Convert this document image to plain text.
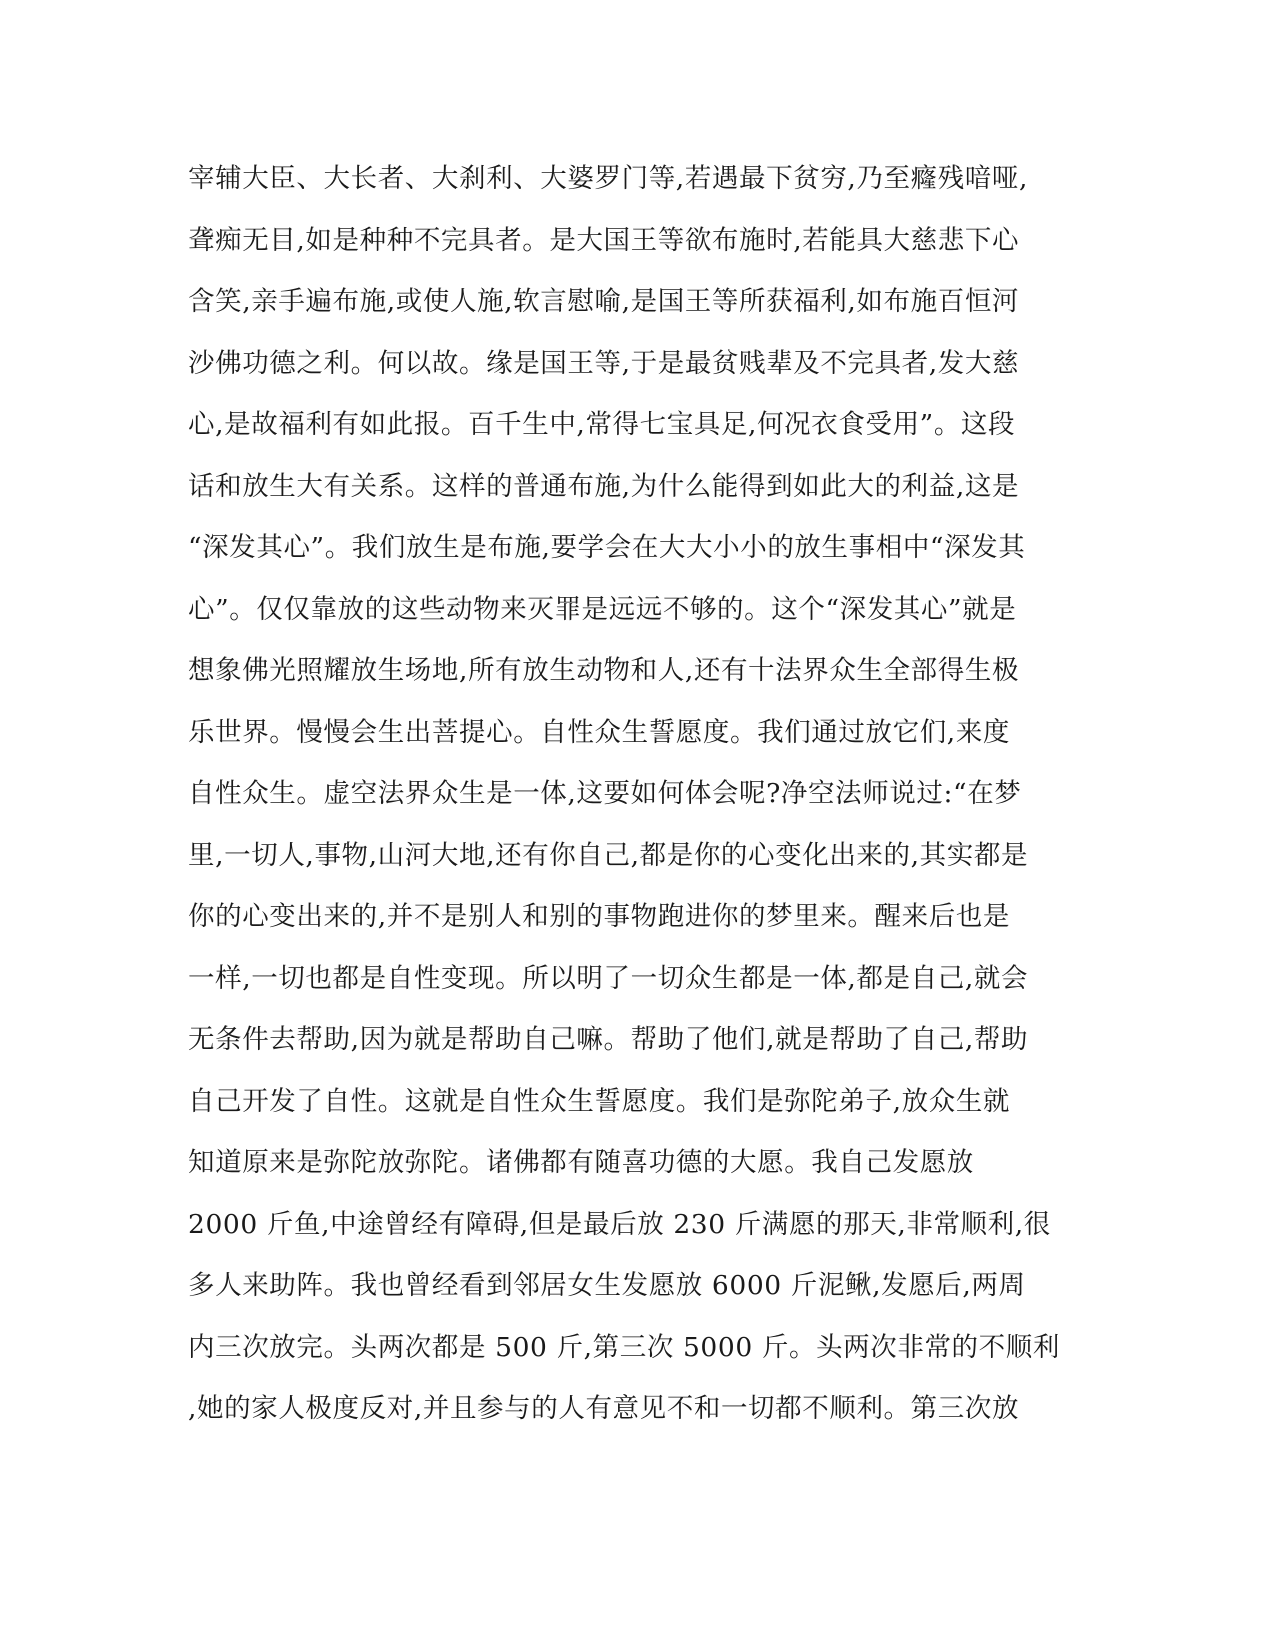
宰辅大臣、大长者、大刹利、大婆罗门等,若遇最下贫穷,乃至癃残喑哑,
聋痴无目,如是种种不完具者。是大国王等欲布施时,若能具大慈悲下心
含笑,亲手遍布施,或使人施,软言慰喻,是国王等所获福利,如布施百恒河
沙佛功德之利。何以故。缘是国王等,于是最贫贱辈及不完具者,发大慈
心,是故福利有如此报。百千生中,常得七宝具足,何况衣食受用”。这段
话和放生大有关系。这样的普通布施,为什么能得到如此大的利益,这是
“深发其心”。我们放生是布施,要学会在大大小小的放生事相中“深发其
心”。仅仅靠放的这些动物来灭罪是远远不够的。这个“深发其心”就是
想象佛光照耀放生场地,所有放生动物和人,还有十法界众生全部得生极
乐世界。慢慢会生出菩提心。自性众生誓愿度。我们通过放它们,来度
自性众生。虚空法界众生是一体,这要如何体会呢?净空法师说过:“在梦
里,一切人,事物,山河大地,还有你自己,都是你的心变化出来的,其实都是
你的心变出来的,并不是别人和别的事物跑进你的梦里来。醒来后也是
一样,一切也都是自性变现。所以明了一切众生都是一体,都是自己,就会
无条件去帮助,因为就是帮助自己嘛。帮助了他们,就是帮助了自己,帮助
自己开发了自性。这就是自性众生誓愿度。我们是弥陀弟子,放众生就
知道原来是弥陀放弥陀。诸佛都有随喜功德的大愿。我自己发愿放
2000 斤鱼,中途曾经有障碍,但是最后放 230 斤满愿的那天,非常顺利,很
多人来助阵。我也曾经看到邻居女生发愿放 6000 斤泥鳅,发愿后,两周
内三次放完。头两次都是 500 斤,第三次 5000 斤。头两次非常的不顺利
,她的家人极度反对,并且参与的人有意见不和一切都不顺利。第三次放
